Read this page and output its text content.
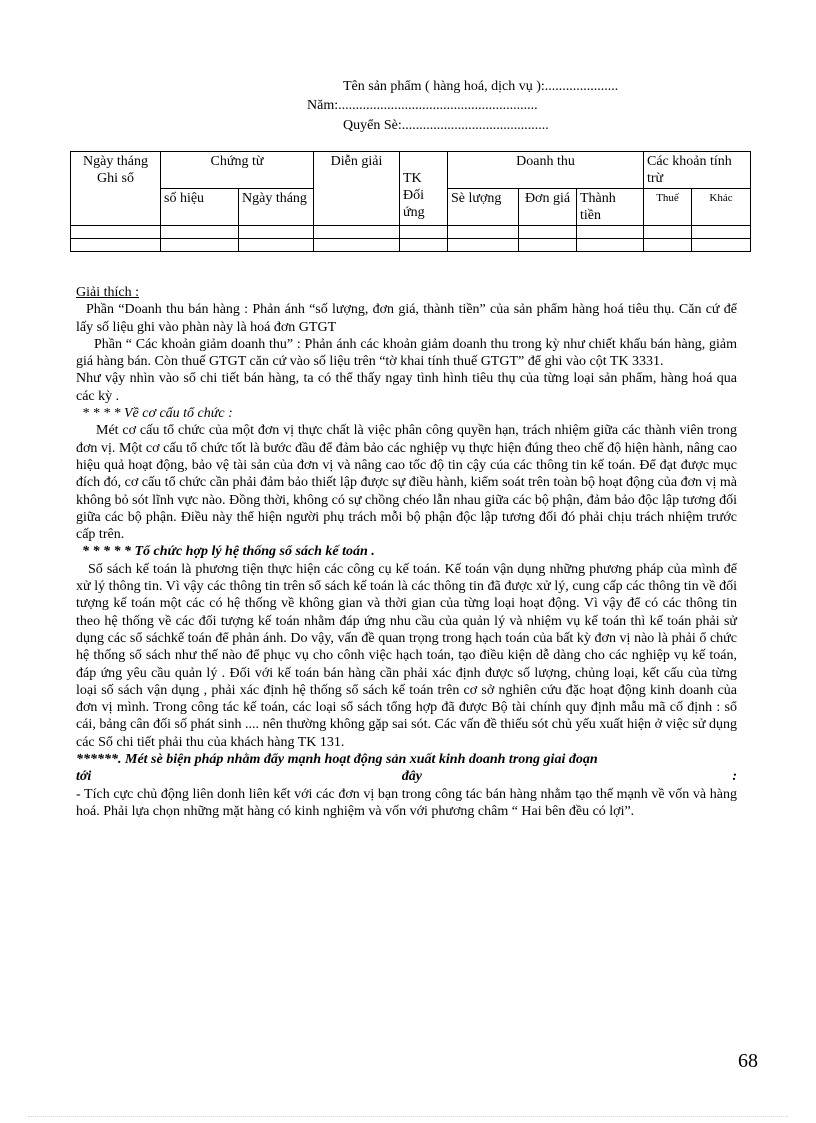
Tên sản phẩm ( hàng hoá, dịch vụ ):.....................
Năm:.........................................................
Quyển Sè:..........................................
Ngày tháng Ghi sổ	Chứng từ		Diễn giải	TK Đối ứng	Doanh thu			Các khoản tính trừ	
	số hiệu	Ngày tháng			Sè lượng	Đơn giá	Thành tiền	Thuế	Khác

Giải thích :

Phần “Doanh thu bán hàng : Phản ánh “số lượng, đơn giá, thành tiền” của sản phẩm hàng hoá tiêu thụ. Căn cứ để lấy số liệu ghi vào phàn này là hoá đơn GTGT

Phần “ Các khoản giảm doanh thu” : Phản ánh các khoản giảm doanh thu trong kỳ như chiết khấu bán hàng, giảm giá hàng bán. Còn thuế GTGT căn cứ vào số liệu trên “tờ khai tính thuế GTGT” để ghi vào cột TK 3331.

Như vậy nhìn vào sổ chi tiết bán hàng, ta có thể thấy ngay tình hình tiêu thụ của từng loại sản phẩm, hàng hoá qua các kỳ .

* * * * Về cơ cấu tổ chức :

Mét cơ cấu tổ chức của một đơn vị thực chất là việc phân công quyền hạn, trách nhiệm giữa các thành viên trong đơn vị. Một cơ cấu tổ chức tốt là bước đầu để đảm bảo các nghiệp vụ thực hiện đúng theo chế độ hiện hành, nâng cao hiệu quả hoạt động, bảo vệ tài sản của đơn vị và nâng cao tốc độ tin cậy cúa các thông tin kế toán. Để đạt được mục đích đó, cơ cấu tổ chức cần phải đảm bảo thiết lập được sự điều hành, kiểm soát trên toàn bộ hoạt động của đơn vị mà không bỏ sót lĩnh vực nào. Đồng thời, không có sự chồng chéo lẫn nhau giữa các bộ phận, đảm bảo độc lập tương đối giữa các bộ phận. Điều này thể hiện người phụ trách mỗi bộ phận độc lập tương đối đó phải chịu trách nhiệm trước cấp trên.

* * * * * Tổ chức hợp lý hệ thống sổ sách kế toán .

Sổ sách kế toán là phương tiện thực hiện các công cụ kế toán. Kế toán vận dụng những phương pháp của mình để xử lý thông tin. Vì vậy các thông tin trên sổ sách kế toán là các thông tin đã được xử lý, cung cấp các thông tin về đối tượng kế toán một các có hệ thống về không gian và thời gian của từng loại hoạt động. Vì vậy để có các thông tin theo hệ thống về các đối tượng kế toán nhằm đáp ứng nhu cầu của quản lý và nhiệm vụ kế toán thì kế toán phải sử dụng các sổ sáchkế toán để phản ánh. Do vậy, vấn đề quan trọng trong hạch toán của bất kỳ đơn vị nào là phải ổ chức hệ thống sổ sách như thế nào để phục vụ cho cônh việc hạch toán, tạo điều kiện dễ dàng cho các nghiệp vụ kế toán, đáp ứng yêu cầu quản lý . Đối với kế toán bán hàng cần phải xác định được số lượng, chủng loại, kết cấu của từng loại số sách vận dụng , phải xác định hệ thống sổ sách kế toán trên cơ sở nghiên cứu đặc hoạt động kinh doanh của đơn vị mình. Trong công tác kế toán, các loại sổ sách tổng hợp đã được Bộ tài chính quy định mẫu mã cố định : sổ cái, bảng cân đối số phát sinh .... nên thường không gặp sai sót. Các vấn đề thiếu sót chủ yếu xuất hiện ở việc sử dụng các Sổ chi tiết phải thu của khách hàng TK 131.

******. Mét sè biện pháp nhằm đẩy mạnh hoạt động sản xuất kinh doanh trong giai đoạn

tới	đây	:

- Tích cực chủ động liên donh liên kết với các đơn vị bạn trong công tác bán hàng nhằm tạo thế mạnh về vốn và hàng hoá. Phải lựa chọn những mặt hàng có kinh nghiệm và vốn với phương châm “ Hai bên đều có lợi”.

68
